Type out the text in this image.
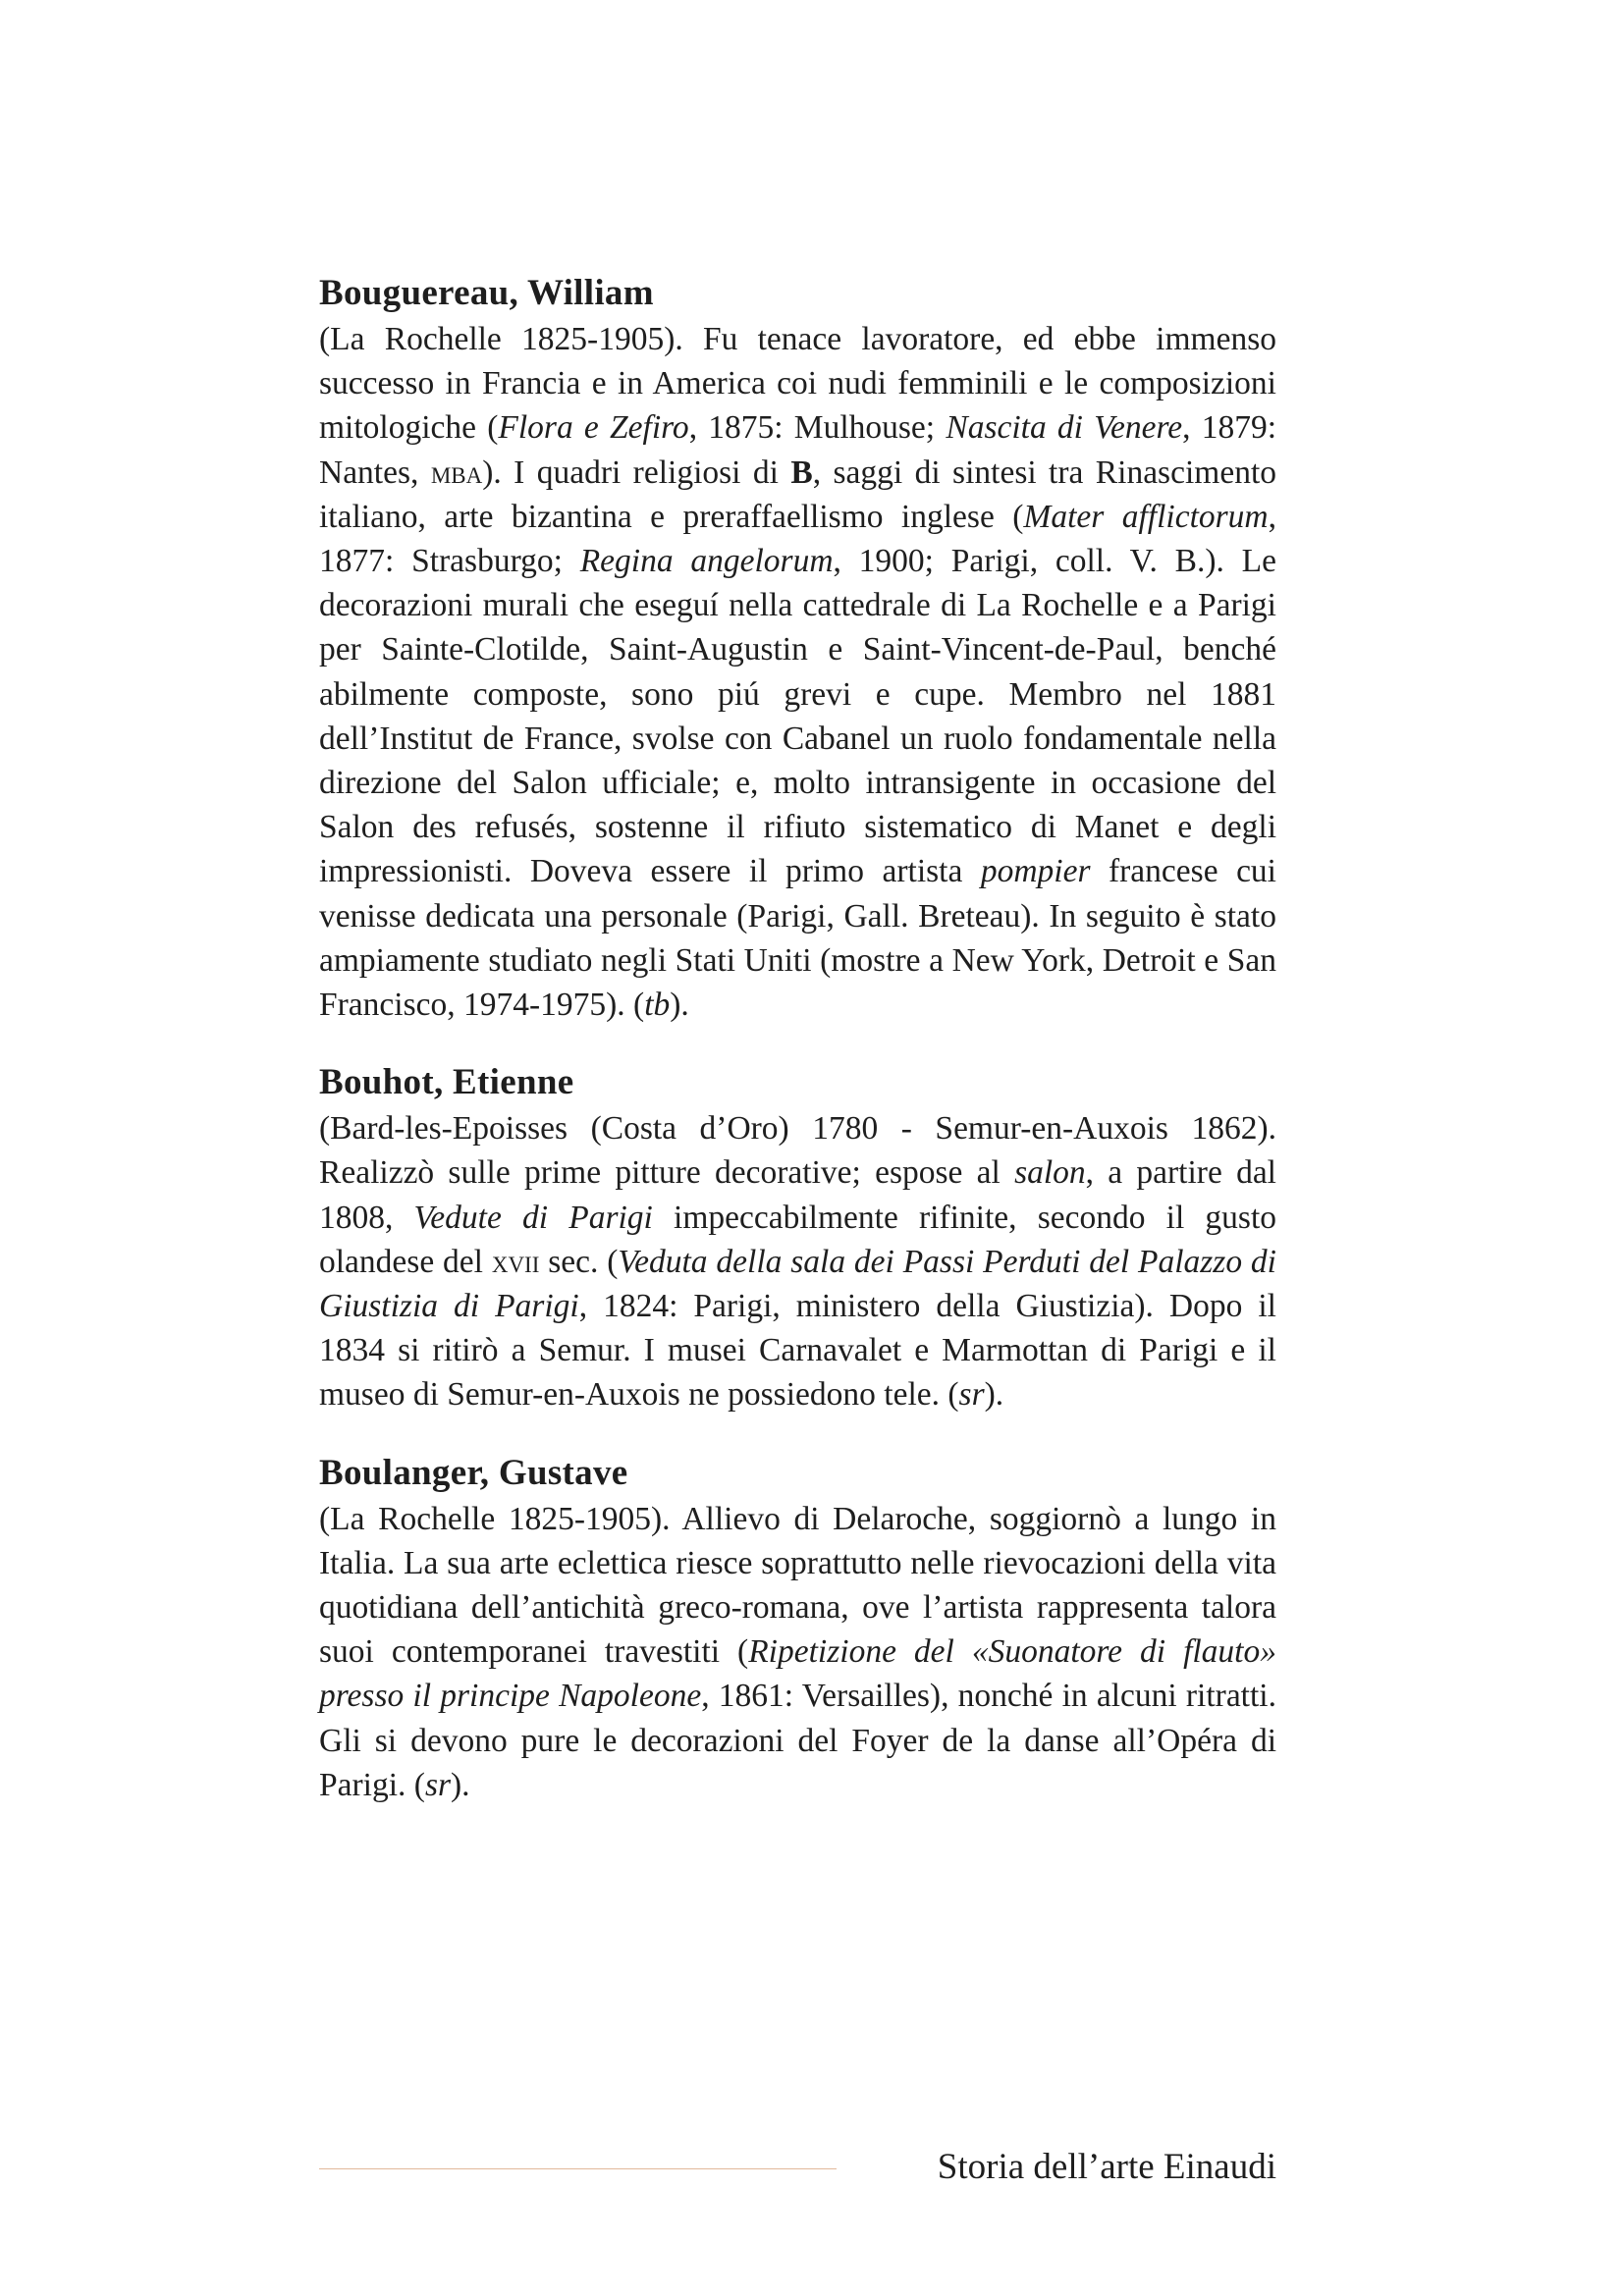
Bouguereau, William

(La Rochelle 1825-1905). Fu tenace lavoratore, ed ebbe immenso successo in Francia e in America coi nudi femminili e le composizioni mitologiche (Flora e Zefiro, 1875: Mulhouse; Nascita di Venere, 1879: Nantes, mba). I quadri religiosi di B, saggi di sintesi tra Rinascimento italiano, arte bizantina e preraffaellismo inglese (Mater afflictorum, 1877: Strasburgo; Regina angelorum, 1900; Parigi, coll. V. B.). Le decorazioni murali che eseguí nella cattedrale di La Rochelle e a Parigi per Sainte-Clotilde, Saint-Augustin e Saint-Vincent-de-Paul, benché abilmente composte, sono piú grevi e cupe. Membro nel 1881 dell’Institut de France, svolse con Cabanel un ruolo fondamentale nella direzione del Salon ufficiale; e, molto intransigente in occasione del Salon des refusés, sostenne il rifiuto sistematico di Manet e degli impressionisti. Doveva essere il primo artista pompier francese cui venisse dedicata una personale (Parigi, Gall. Breteau). In seguito è stato ampiamente studiato negli Stati Uniti (mostre a New York, Detroit e San Francisco, 1974-1975). (tb).

Bouhot, Etienne

(Bard-les-Epoisses (Costa d’Oro) 1780 - Semur-en-Auxois 1862). Realizzò sulle prime pitture decorative; espose al salon, a partire dal 1808, Vedute di Parigi impeccabilmente rifinite, secondo il gusto olandese del xvii sec. (Veduta della sala dei Passi Perduti del Palazzo di Giustizia di Parigi, 1824: Parigi, ministero della Giustizia). Dopo il 1834 si ritirò a Semur. I musei Carnavalet e Marmottan di Parigi e il museo di Semur-en-Auxois ne possiedono tele. (sr).

Boulanger, Gustave

(La Rochelle 1825-1905). Allievo di Delaroche, soggiornò a lungo in Italia. La sua arte eclettica riesce soprattutto nelle rievocazioni della vita quotidiana dell’antichità greco-romana, ove l’artista rappresenta talora suoi contemporanei travestiti (Ripetizione del «Suonatore di flauto» presso il principe Napoleone, 1861: Versailles), nonché in alcuni ritratti. Gli si devono pure le decorazioni del Foyer de la danse all’Opéra di Parigi. (sr).

Storia dell’arte Einaudi
